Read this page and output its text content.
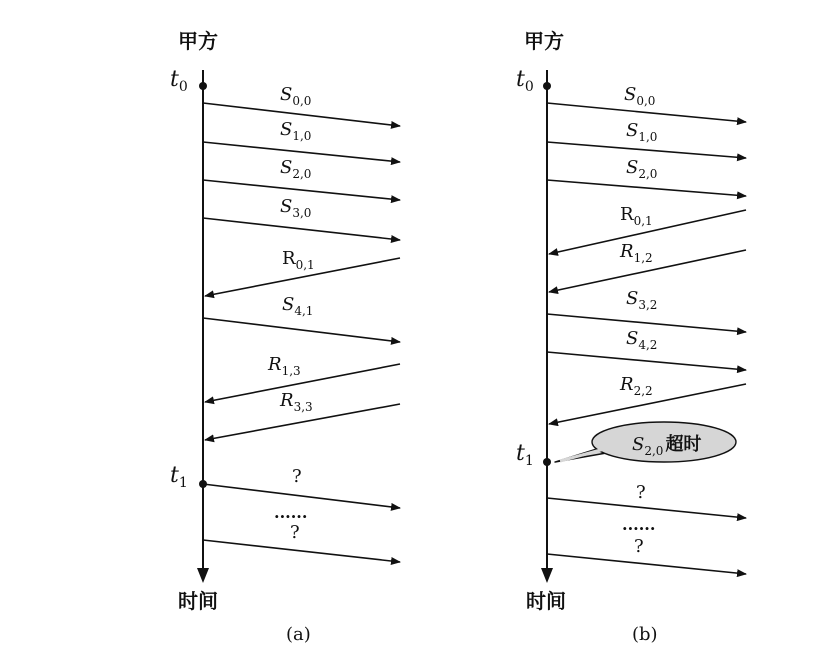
甲方
$t_0$
$t_1$
$S_{0,0}$
$S_{1,0}$
$S_{2,0}$
$S_{3,0}$
$R_{0,1}$
$S_{4,1}$
$R_{1,3}$
$R_{3,3}$
?
......
?
时间
(a)
甲方
$t_0$
$t_1$
$S_{0,0}$
$S_{1,0}$
$S_{2,0}$
$R_{0,1}$
$R_{1,2}$
$S_{3,2}$
$S_{4,2}$
$R_{2,2}$
$S_{2,0}$ 超时
?
......
?
时间
(b)
